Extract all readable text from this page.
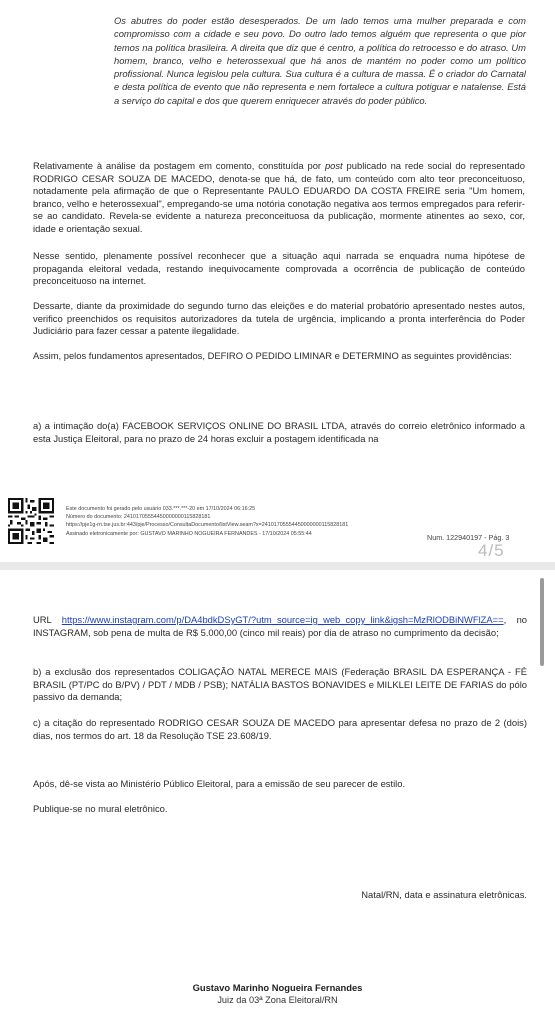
Os abutres do poder estão desesperados. De um lado temos uma mulher preparada e com compromisso com a cidade e seu povo. Do outro lado temos alguém que representa o que pior temos na política brasileira. A direita que diz que é centro, a política do retrocesso e do atraso. Um homem, branco, velho e heterossexual que há anos de mantém no poder como um político profissional. Nunca legislou pela cultura. Sua cultura é a cultura de massa. É o criador do Carnatal e desta política de evento que não representa e nem fortalece a cultura potiguar e natalense. Está a serviço do capital e dos que querem enriquecer através do poder público.

Relativamente à análise da postagem em comento, constituída por post publicado na rede social do representado RODRIGO CESAR SOUZA DE MACEDO, denota-se que há, de fato, um conteúdo com alto teor preconceituoso, notadamente pela afirmação de que o Representante PAULO EDUARDO DA COSTA FREIRE seria "Um homem, branco, velho e heterossexual", empregando-se uma notória conotação negativa aos termos empregados para referir-se ao candidato. Revela-se evidente a natureza preconceituosa da publicação, mormente atinentes ao sexo, cor, idade e orientação sexual.

Nesse sentido, plenamente possível reconhecer que a situação aqui narrada se enquadra numa hipótese de propaganda eleitoral vedada, restando inequivocamente comprovada a ocorrência de publicação de conteúdo preconceituoso na internet.

Dessarte, diante da proximidade do segundo turno das eleições e do material probatório apresentado nestes autos, verifico preenchidos os requisitos autorizadores da tutela de urgência, implicando a pronta interferência do Poder Judiciário para fazer cessar a patente ilegalidade.

Assim, pelos fundamentos apresentados, DEFIRO O PEDIDO LIMINAR e DETERMINO as seguintes providências:

a) a intimação do(a) FACEBOOK SERVIÇOS ONLINE DO BRASIL LTDA, através do correio eletrônico informado a esta Justiça Eleitoral, para no prazo de 24 horas excluir a postagem identificada na

Este documento foi gerado pelo usuário 033.***.***-20 em 17/10/2024 06:16:25
Número do documento: 24101705554450000000115828181
https://pje1g-rn.tse.jus.br:443/pje/Processo/ConsultaDocumento/listView.seam?x=24101705554450000000115828181
Assinado eletronicamente por: GUSTAVO MARINHO NOGUEIRA FERNANDES - 17/10/2024 05:55:44	Num. 122940197 - Pág. 3
4/5

URL https://www.instagram.com/p/DA4bdkDSyGT/?utm_source=ig_web_copy_link&igsh=MzRlODBiNWFlZA==, no INSTAGRAM, sob pena de multa de R$ 5.000,00 (cinco mil reais) por dia de atraso no cumprimento da decisão;

b) a exclusão dos representados COLIGAÇÃO NATAL MERECE MAIS (Federação BRASIL DA ESPERANÇA - FÉ BRASIL (PT/PC do B/PV) / PDT / MDB / PSB); NATÁLIA BASTOS BONAVIDES e MILKLEI LEITE DE FARIAS do pólo passivo da demanda;

c) a citação do representado RODRIGO CESAR SOUZA DE MACEDO para apresentar defesa no prazo de 2 (dois) dias, nos termos do art. 18 da Resolução TSE 23.608/19.

Após, dê-se vista ao Ministério Público Eleitoral, para a emissão de seu parecer de estilo.

Publique-se no mural eletrônico.

Natal/RN, data e assinatura eletrônicas.

Gustavo Marinho Nogueira Fernandes

Juiz da 03ª Zona Eleitoral/RN
